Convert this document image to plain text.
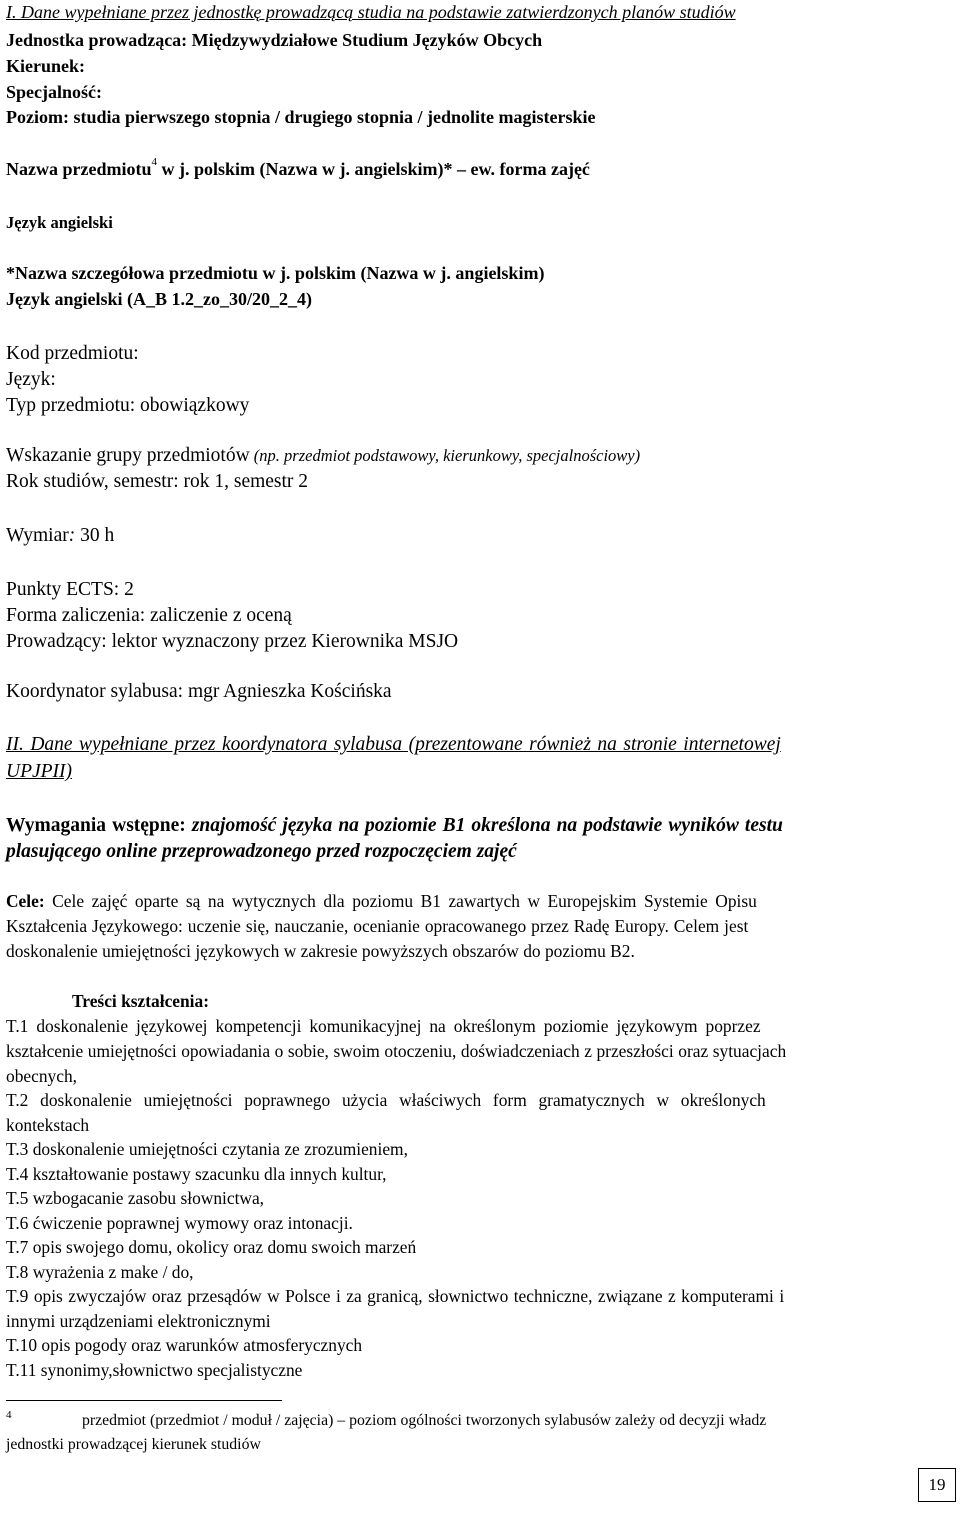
I. Dane wypełniane przez jednostkę prowadzącą studia na podstawie zatwierdzonych planów studiów
Jednostka prowadząca: Międzywydziałowe Studium Języków Obcych
Kierunek:
Specjalność:
Poziom: studia pierwszego stopnia / drugiego stopnia / jednolite magisterskie
Nazwa przedmiotu$^4$ w j. polskim (Nazwa w j. angielskim)* – ew. forma zajęć
Język angielski
*Nazwa szczegółowa przedmiotu w j. polskim (Nazwa w j. angielskim)
Język angielski (A_B 1.2_zo_30/20_2_4)
Kod przedmiotu:
Język:
Typ przedmiotu: obowiązkowy
Wskazanie grupy przedmiotów (np. przedmiot podstawowy, kierunkowy, specjalnościowy)
Rok studiów, semestr: rok 1, semestr 2
Wymiar: 30 h
Punkty ECTS: 2
Forma zaliczenia: zaliczenie z oceną
Prowadzący: lektor wyznaczony przez Kierownika MSJO
Koordynator sylabusa: mgr Agnieszka Kościńska
II. Dane wypełniane przez koordynatora sylabusa (prezentowane również na stronie internetowej
UPJPII)
Wymagania wstępne: znajomość języka na poziomie B1 określona na podstawie wyników testu
plasującego online przeprowadzonego przed rozpoczęciem zajęć
Cele: Cele zajęć oparte są na wytycznych dla poziomu B1 zawartych w Europejskim Systemie Opisu
Kształcenia Językowego: uczenie się, nauczanie, ocenianie opracowanego przez Radę Europy. Celem jest
doskonalenie umiejętności językowych w zakresie powyższych obszarów do poziomu B2.
Treści kształcenia:
T.1 doskonalenie językowej kompetencji komunikacyjnej na określonym poziomie językowym poprzez
kształcenie umiejętności opowiadania o sobie, swoim otoczeniu, doświadczeniach z przeszłości oraz sytuacjach
obecnych,
T.2 doskonalenie umiejętności poprawnego użycia właściwych form gramatycznych w określonych
kontekstach
T.3 doskonalenie umiejętności czytania ze zrozumieniem,
T.4 kształtowanie postawy szacunku dla innych kultur,
T.5 wzbogacanie zasobu słownictwa,
T.6 ćwiczenie poprawnej wymowy oraz intonacji.
T.7 opis swojego domu, okolicy oraz domu swoich marzeń
T.8 wyrażenia z make / do,
T.9 opis zwyczajów oraz przesądów w Polsce i za granicą, słownictwo techniczne, związane z komputerami i
innymi urządzeniami elektronicznymi
T.10 opis pogody oraz warunków atmosferycznych
T.11 synonimy,słownictwo specjalistyczne
4	przedmiot (przedmiot / moduł / zajęcia) – poziom ogólności tworzonych sylabusów zależy od decyzji władz
jednostki prowadzącej kierunek studiów
19
